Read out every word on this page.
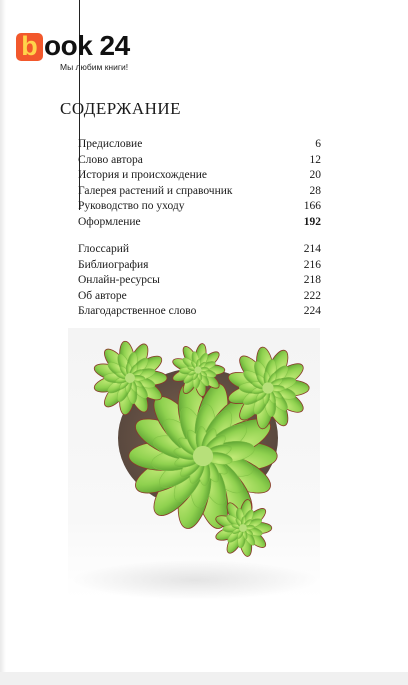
b ook 24
Мы любим книги!
СОДЕРЖАНИЕ
Предисловие	6
Слово автора	12
История и происхождение	20
Галерея растений и справочник	28
Руководство по уходу	166
Оформление	192
Глоссарий	214
Библиография	216
Онлайн-ресурсы	218
Об авторе	222
Благодарственное слово	224
